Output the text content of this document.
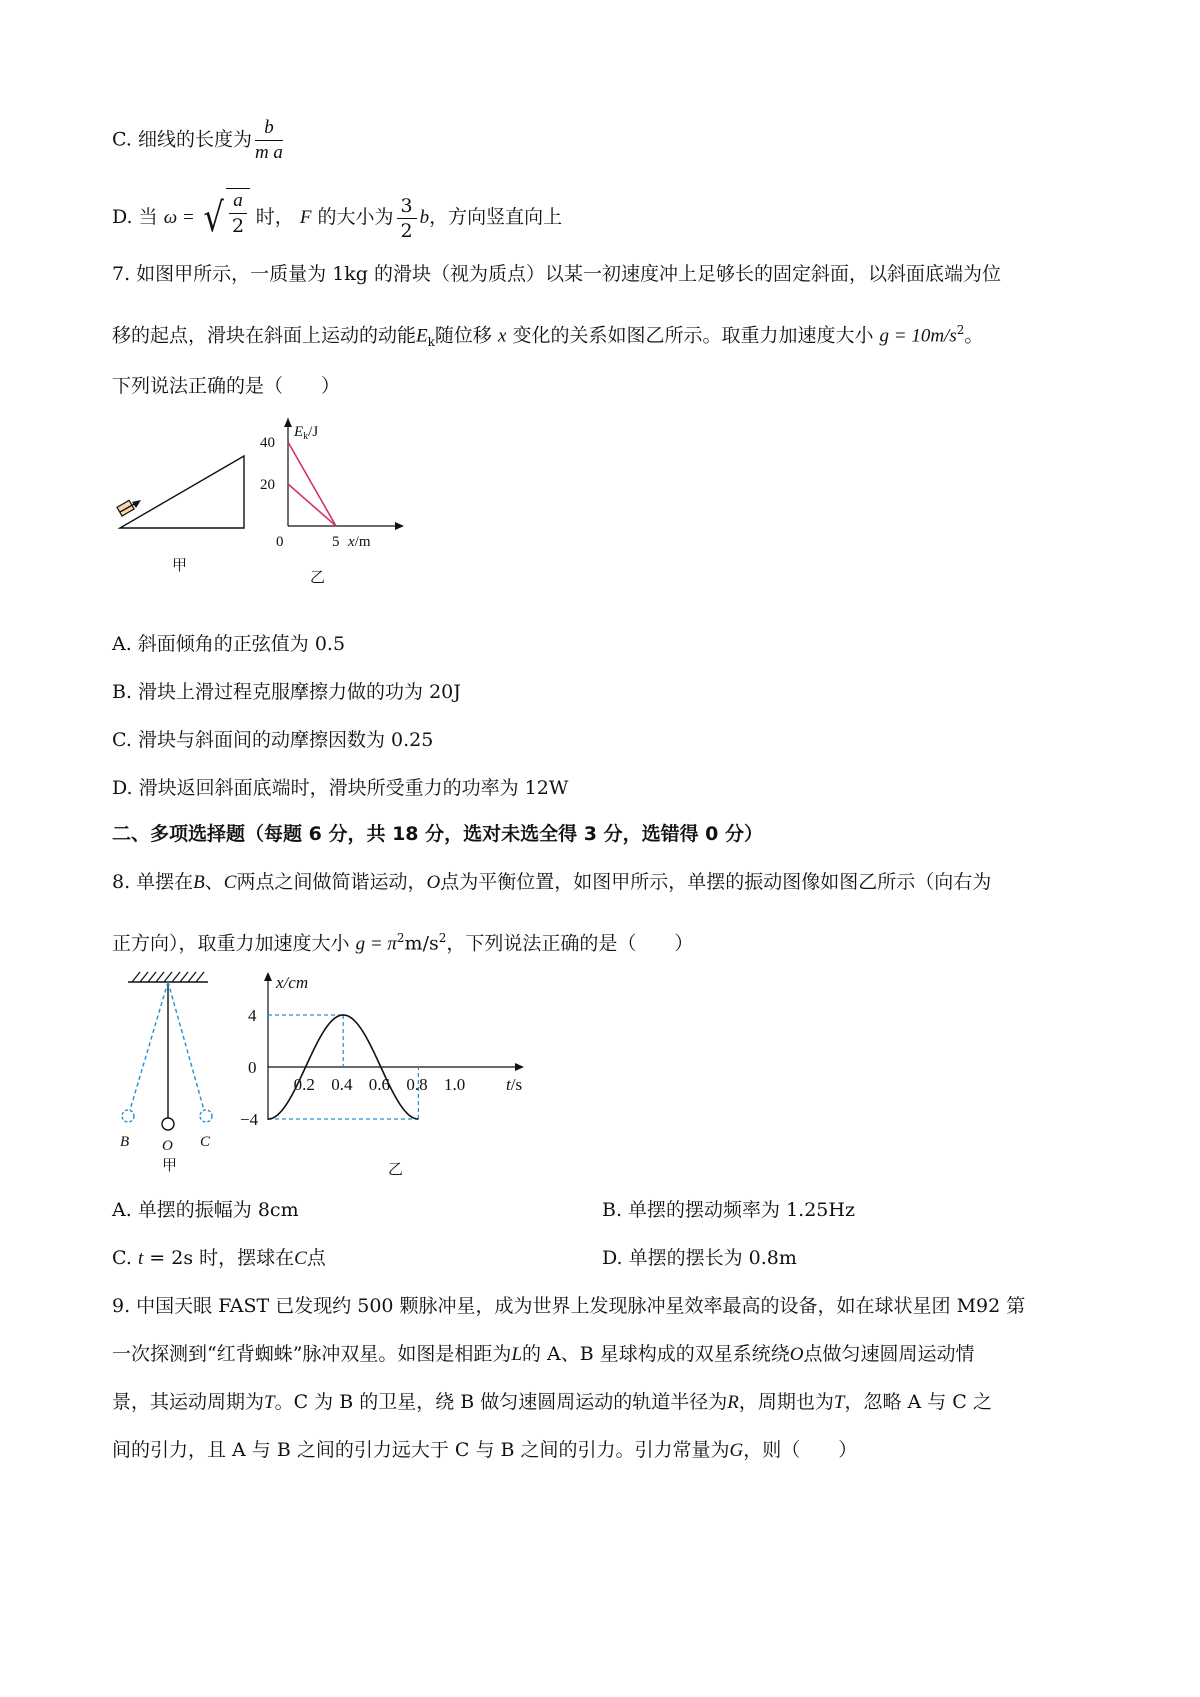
C. 细线的长度为 $\frac{b}{\text{m a}}$
D. 当 ω = √ $\frac{a}{2}$ 时， F 的大小为 $\frac{3}{2}$ b，方向竖直向上
7. 如图甲所示，一质量为 1kg 的滑块（视为质点）以某一初速度冲上足够长的固定斜面，以斜面底端为位
移的起点，滑块在斜面上运动的动能$E_k$随位移 x 变化的关系如图乙所示。取重力加速度大小 $g = 10m/s^2$。
下列说法正确的是（　　）
甲
$E_k/J$
x/m
40
20
0	5
乙
A. 斜面倾角的正弦值为 0.5
B. 滑块上滑过程克服摩擦力做的功为 20J
C. 滑块与斜面间的动摩擦因数为 0.25
D. 滑块返回斜面底端时，滑块所受重力的功率为 12W
二、多项选择题（每题 6 分，共 18 分，选对未选全得 3 分，选错得 0 分）
8. 单摆在B、C两点之间做简谐运动，O点为平衡位置，如图甲所示，单摆的振动图像如图乙所示（向右为
正方向），取重力加速度大小 $g = \pi^2m/s^2$，下列说法正确的是（　　）
B O C
甲
x/cm
4
0
−4
0.2 0.4 0.6 0.8 1.0 t/s
乙
A. 单摆的振幅为 8cm	B. 单摆的摆动频率为 1.25Hz
C. t = 2s 时，摆球在C点	D. 单摆的摆长为 0.8m
9. 中国天眼 FAST 已发现约 500 颗脉冲星，成为世界上发现脉冲星效率最高的设备，如在球状星团 M92 第
一次探测到“红背蜘蛛”脉冲双星。如图是相距为L的 A、B 星球构成的双星系统绕O点做匀速圆周运动情
景，其运动周期为T。C 为 B 的卫星，绕 B 做匀速圆周运动的轨道半径为R，周期也为T，忽略 A 与 C 之
间的引力，且 A 与 B 之间的引力远大于 C 与 B 之间的引力。引力常量为G，则（　　）
